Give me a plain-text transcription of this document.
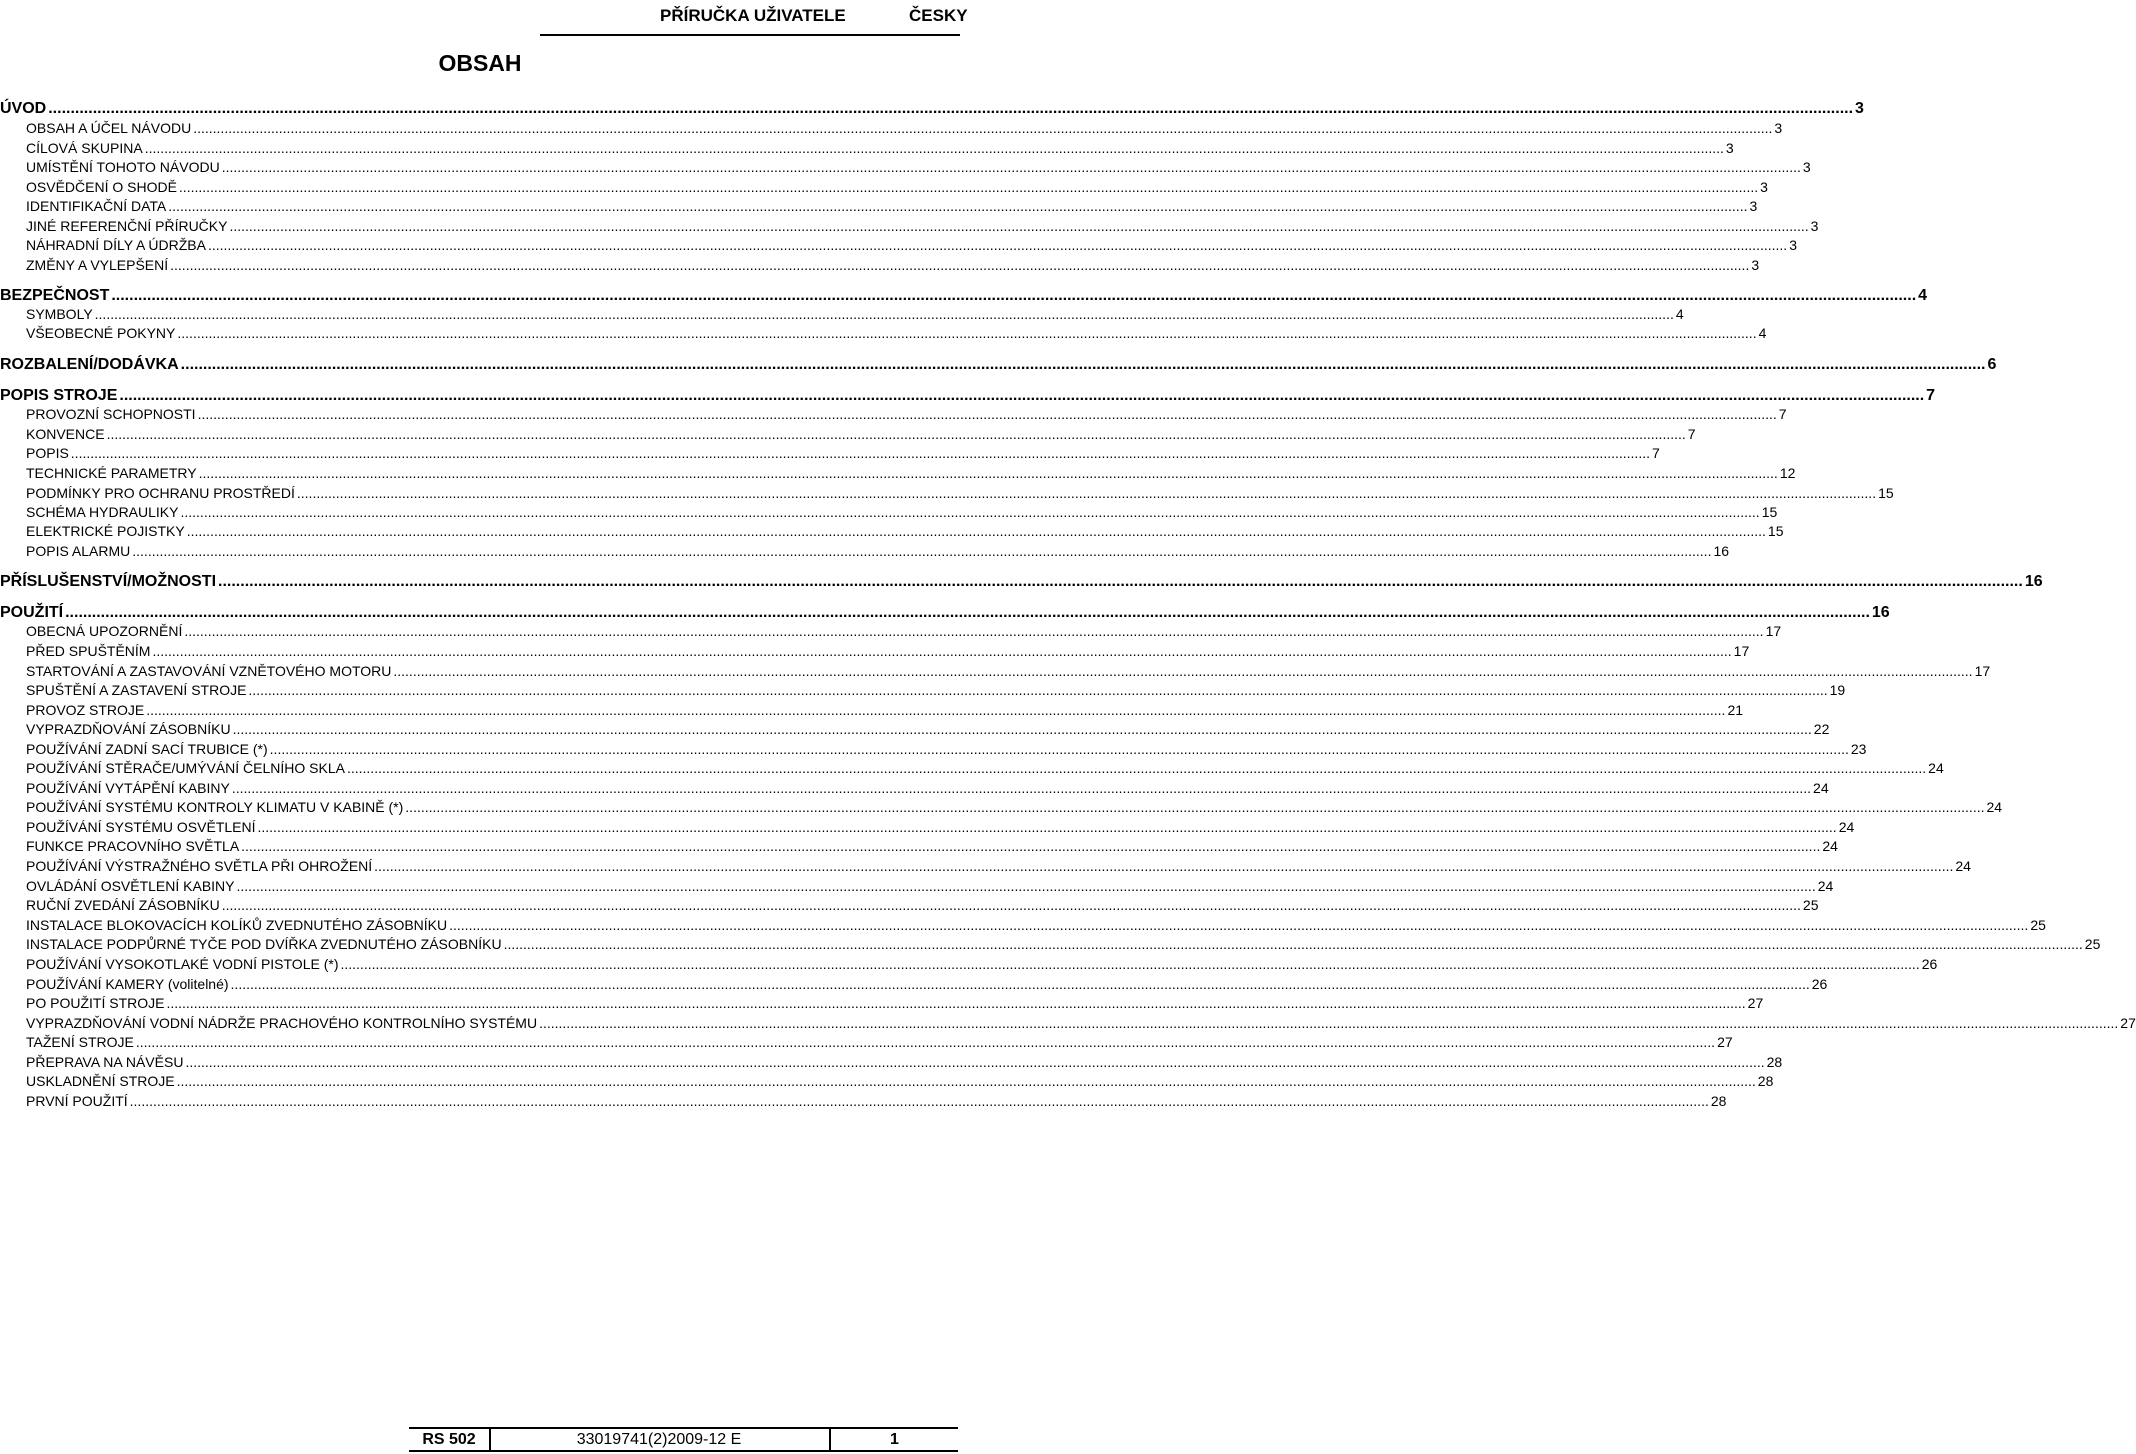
PŘÍRUČKA UŽIVATELE	ČESKY
OBSAH
ÚVOD .....	3
OBSAH A ÚČEL NÁVODU .....	3
CÍLOVÁ SKUPINA .....	3
UMÍSTĚNÍ TOHOTO NÁVODU .....	3
OSVĚDČENÍ O SHODĚ .....	3
IDENTIFIKAČNÍ DATA .....	3
JINÉ REFERENČNÍ PŘÍRUČKY .....	3
NÁHRADNÍ DÍLY A ÚDRŽBA .....	3
ZMĚNY A VYLEPŠENÍ .....	3
BEZPEČNOST .....	4
SYMBOLY .....	4
VŠEOBECNÉ POKYNY .....	4
ROZBALENÍ/DODÁVKA .....	6
POPIS STROJE .....	7
PROVOZNÍ SCHOPNOSTI .....	7
KONVENCE .....	7
POPIS .....	7
TECHNICKÉ PARAMETRY .....	12
PODMÍNKY PRO OCHRANU PROSTŘEDÍ .....	15
SCHÉMA HYDRAULIKY .....	15
ELEKTRICKÉ POJISTKY .....	15
POPIS ALARMU .....	16
PŘÍSLUŠENSTVÍ/MOŽNOSTI .....	16
POUŽITÍ .....	16
OBECNÁ UPOZORNĚNÍ .....	17
PŘED SPUŠTĚNÍM .....	17
STARTOVÁNÍ A ZASTAVOVÁNÍ VZNĚTOVÉHO MOTORU .....	17
SPUŠTĚNÍ A ZASTAVENÍ STROJE .....	19
PROVOZ STROJE .....	21
VYPRAZDŇOVÁNÍ ZÁSOBNÍKU .....	22
POUŽÍVÁNÍ ZADNÍ SACÍ TRUBICE (*) .....	23
POUŽÍVÁNÍ STĚRAČE/UMÝVÁNÍ ČELNÍHO SKLA .....	24
POUŽÍVÁNÍ VYTÁPĚNÍ KABINY .....	24
POUŽÍVÁNÍ SYSTÉMU KONTROLY KLIMATU V KABINĚ (*) .....	24
POUŽÍVÁNÍ SYSTÉMU OSVĚTLENÍ .....	24
FUNKCE PRACOVNÍHO SVĚTLA .....	24
POUŽÍVÁNÍ VÝSTRAŽNÉHO SVĚTLA PŘI OHROŽENÍ .....	24
OVLÁDÁNÍ OSVĚTLENÍ KABINY .....	24
RUČNÍ ZVEDÁNÍ ZÁSOBNÍKU .....	25
INSTALACE BLOKOVACÍCH KOLÍKŮ ZVEDNUTÉHO ZÁSOBNÍKU .....	25
INSTALACE PODPŮRNÉ TYČE POD DVÍŘKA ZVEDNUTÉHO ZÁSOBNÍKU .....	25
POUŽÍVÁNÍ VYSOKOTLAKÉ VODNÍ PISTOLE (*) .....	26
POUŽÍVÁNÍ KAMERY (volitelné) .....	26
PO POUŽITÍ STROJE .....	27
VYPRAZDŇOVÁNÍ VODNÍ NÁDRŽE PRACHOVÉHO KONTROLNÍHO SYSTÉMU .....	27
TAŽENÍ STROJE .....	27
PŘEPRAVA NA NÁVĚSU .....	28
USKLADNĚNÍ STROJE .....	28
PRVNÍ POUŽITÍ .....	28
RS 502	33019741(2)2009-12 E	1
